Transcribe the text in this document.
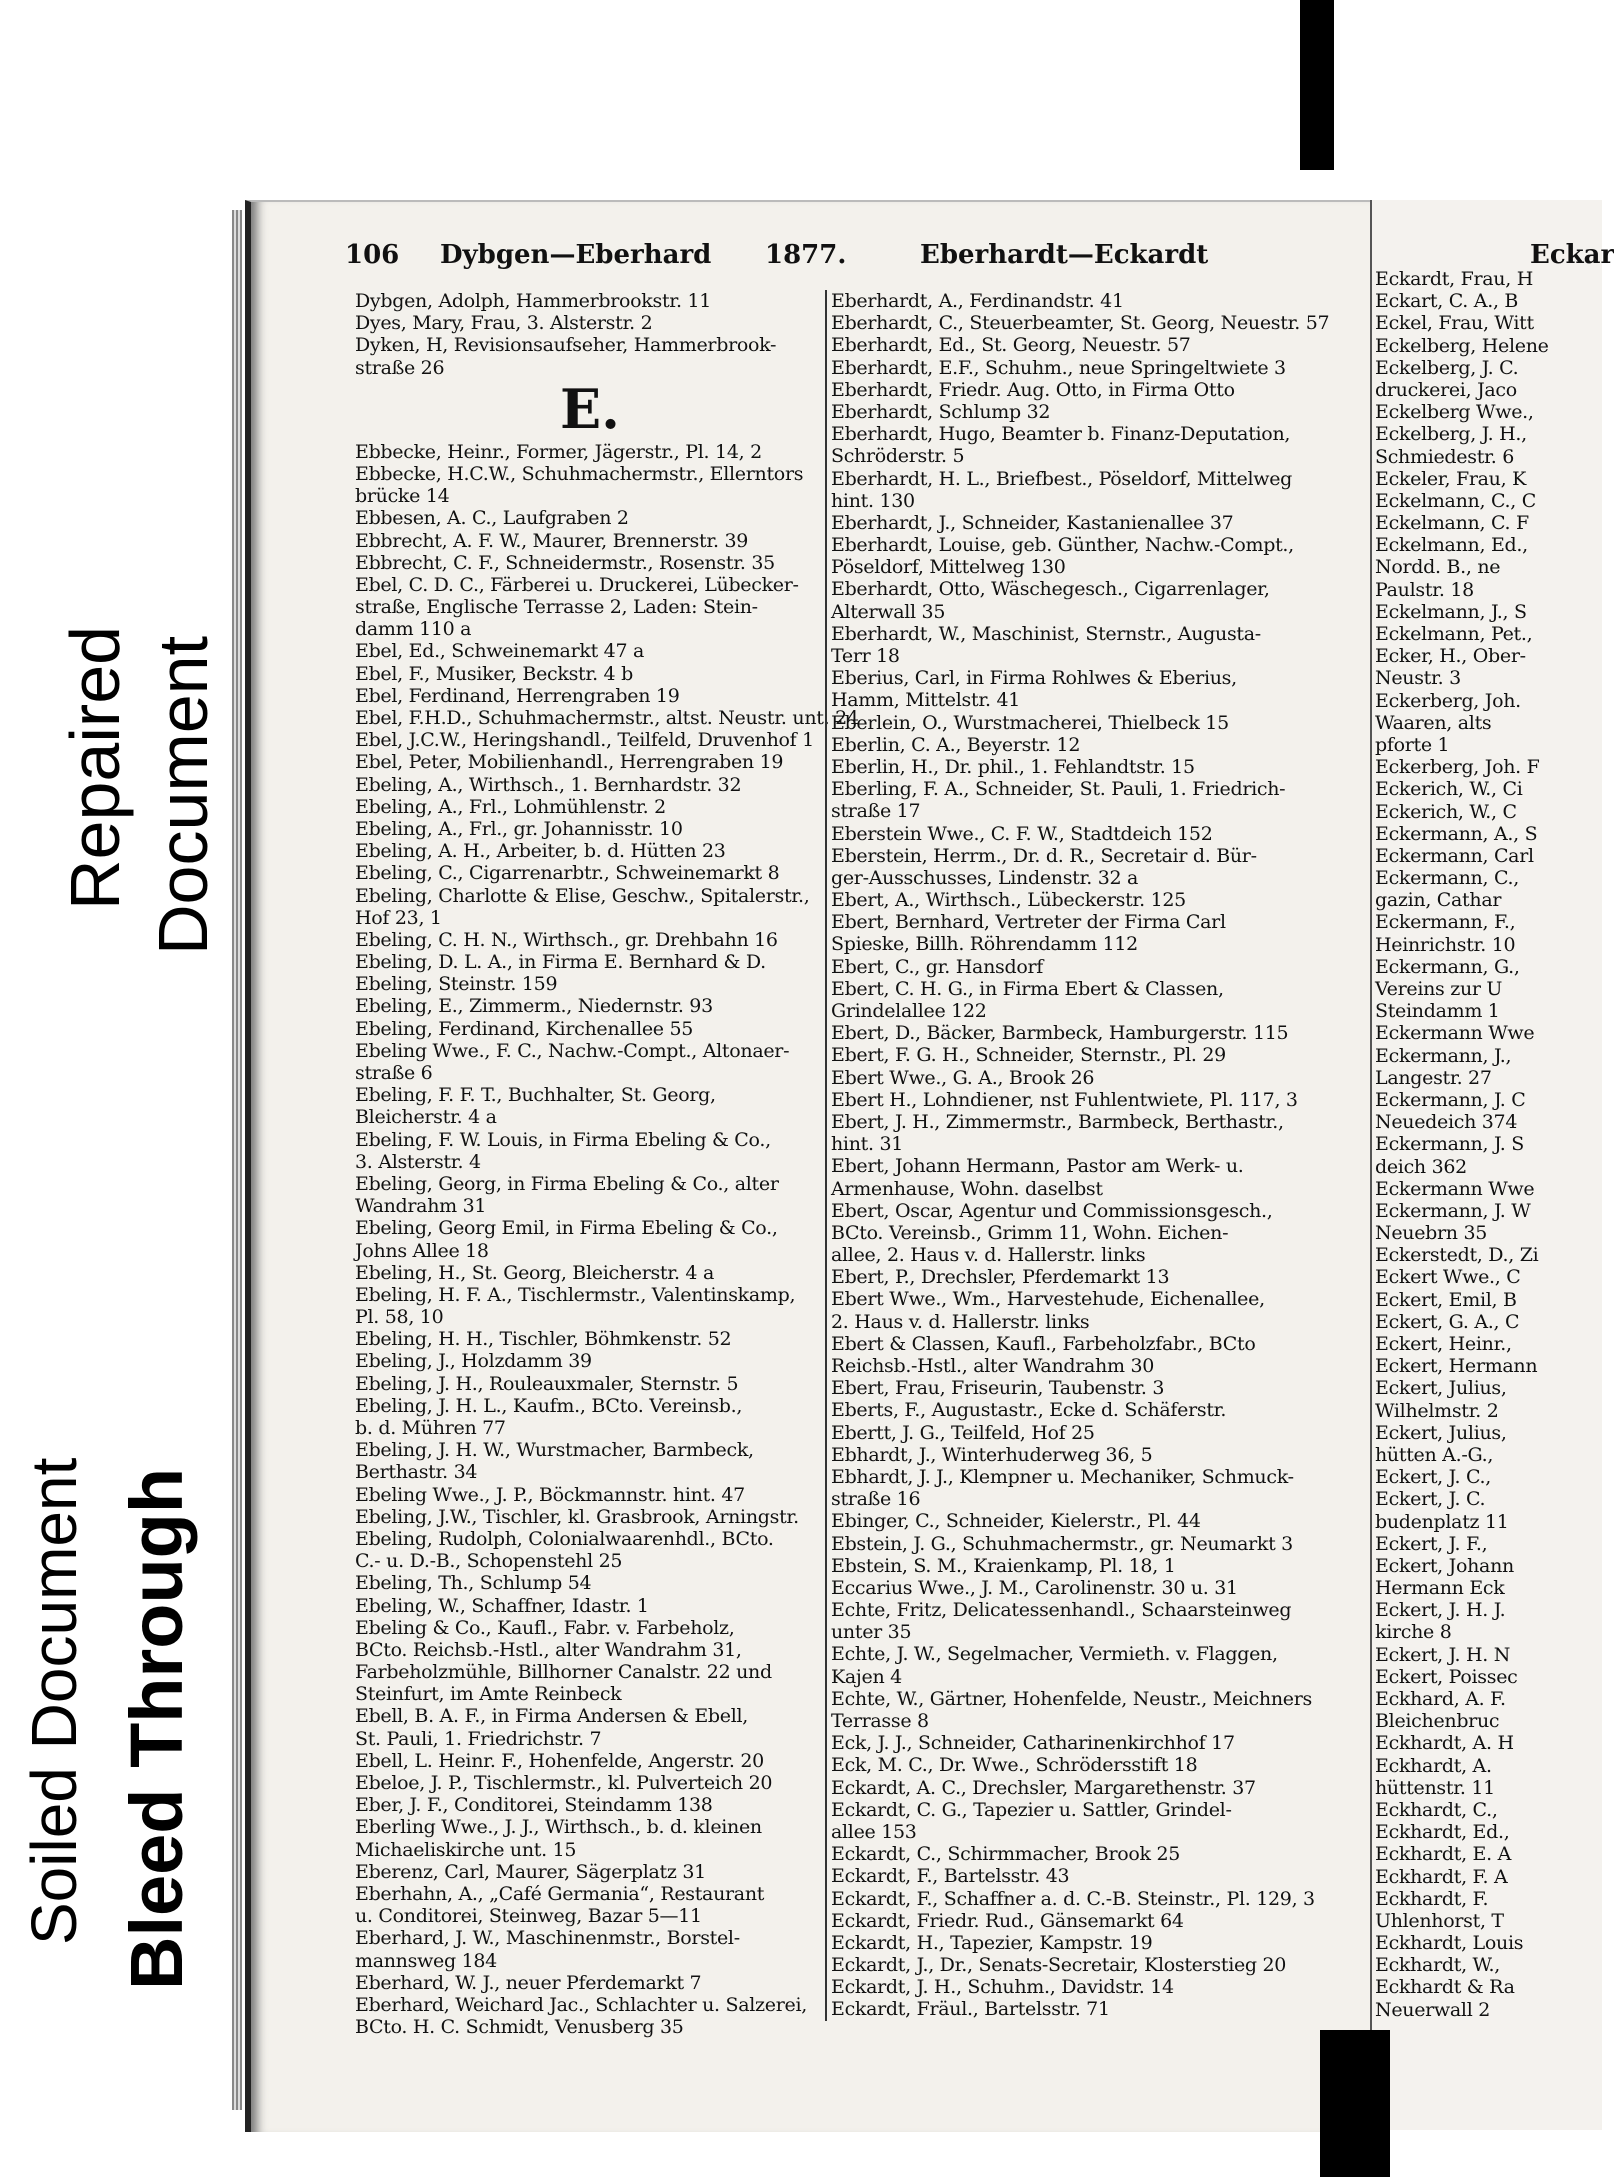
Repaired Document
Soiled Document Bleed Through
106 Dybgen—Eberhard 1877.	Eberhardt—Eckardt	Eckar
Dybgen, Adolph, Hammerbrookstr. 11
Dyes, Mary, Frau, 3. Alsterstr. 2
Dyken, H, Revisionsaufseher, Hammerbrook-
straße 26
E.
Ebbecke, Heinr., Former, Jägerstr., Pl. 14, 2
Ebbecke, H.C.W., Schuhmachermstr., Ellerntors
brücke 14
Ebbesen, A. C., Laufgraben 2
Ebbrecht, A. F. W., Maurer, Brennerstr. 39
Ebbrecht, C. F., Schneidermstr., Rosenstr. 35
Ebel, C. D. C., Färberei u. Druckerei, Lübecker-
straße, Englische Terrasse 2, Laden: Stein-
damm 110 a
Ebel, Ed., Schweinemarkt 47 a
Ebel, F., Musiker, Beckstr. 4 b
Ebel, Ferdinand, Herrengraben 19
Ebel, F.H.D., Schuhmachermstr., altst. Neustr. unt. 24
Ebel, J.C.W., Heringshandl., Teilfeld, Druvenhof 1
Ebel, Peter, Mobilienhandl., Herrengraben 19
Ebeling, A., Wirthsch., 1. Bernhardstr. 32
Ebeling, A., Frl., Lohmühlenstr. 2
Ebeling, A., Frl., gr. Johannisstr. 10
Ebeling, A. H., Arbeiter, b. d. Hütten 23
Ebeling, C., Cigarrenarbtr., Schweinemarkt 8
Ebeling, Charlotte & Elise, Geschw., Spitalerstr.,
Hof 23, 1
Ebeling, C. H. N., Wirthsch., gr. Drehbahn 16
Ebeling, D. L. A., in Firma E. Bernhard & D.
Ebeling, Steinstr. 159
Ebeling, E., Zimmerm., Niedernstr. 93
Ebeling, Ferdinand, Kirchenallee 55
Ebeling Wwe., F. C., Nachw.-Compt., Altonaer-
straße 6
Ebeling, F. F. T., Buchhalter, St. Georg,
Bleicherstr. 4 a
Ebeling, F. W. Louis, in Firma Ebeling & Co.,
3. Alsterstr. 4
Ebeling, Georg, in Firma Ebeling & Co., alter
Wandrahm 31
Ebeling, Georg Emil, in Firma Ebeling & Co.,
Johns Allee 18
Ebeling, H., St. Georg, Bleicherstr. 4 a
Ebeling, H. F. A., Tischlermstr., Valentinskamp,
Pl. 58, 10
Ebeling, H. H., Tischler, Böhmkenstr. 52
Ebeling, J., Holzdamm 39
Ebeling, J. H., Rouleauxmaler, Sternstr. 5
Ebeling, J. H. L., Kaufm., BCto. Vereinsb.,
b. d. Mühren 77
Ebeling, J. H. W., Wurstmacher, Barmbeck,
Berthastr. 34
Ebeling Wwe., J. P., Böckmannstr. hint. 47
Ebeling, J.W., Tischler, kl. Grasbrook, Arningstr.
Ebeling, Rudolph, Colonialwaarenhdl., BCto.
C.- u. D.-B., Schopenstehl 25
Ebeling, Th., Schlump 54
Ebeling, W., Schaffner, Idastr. 1
Ebeling & Co., Kaufl., Fabr. v. Farbeholz,
BCto. Reichsb.-Hstl., alter Wandrahm 31,
Farbeholzmühle, Billhorner Canalstr. 22 und
Steinfurt, im Amte Reinbeck
Ebell, B. A. F., in Firma Andersen & Ebell,
St. Pauli, 1. Friedrichstr. 7
Ebell, L. Heinr. F., Hohenfelde, Angerstr. 20
Ebeloe, J. P., Tischlermstr., kl. Pulverteich 20
Eber, J. F., Conditorei, Steindamm 138
Eberling Wwe., J. J., Wirthsch., b. d. kleinen
Michaeliskirche unt. 15
Eberenz, Carl, Maurer, Sägerplatz 31
Eberhahn, A., „Café Germania“, Restaurant
u. Conditorei, Steinweg, Bazar 5—11
Eberhard, J. W., Maschinenmstr., Borstel-
mannsweg 184
Eberhard, W. J., neuer Pferdemarkt 7
Eberhard, Weichard Jac., Schlachter u. Salzerei,
BCto. H. C. Schmidt, Venusberg 35
Eberhardt, A., Ferdinandstr. 41
Eberhardt, C., Steuerbeamter, St. Georg, Neuestr. 57
Eberhardt, Ed., St. Georg, Neuestr. 57
Eberhardt, E.F., Schuhm., neue Springeltwiete 3
Eberhardt, Friedr. Aug. Otto, in Firma Otto
Eberhardt, Schlump 32
Eberhardt, Hugo, Beamter b. Finanz-Deputation,
Schröderstr. 5
Eberhardt, H. L., Briefbest., Pöseldorf, Mittelweg
hint. 130
Eberhardt, J., Schneider, Kastanienallee 37
Eberhardt, Louise, geb. Günther, Nachw.-Compt.,
Pöseldorf, Mittelweg 130
Eberhardt, Otto, Wäschegesch., Cigarrenlager,
Alterwall 35
Eberhardt, W., Maschinist, Sternstr., Augusta-
Terr 18
Eberius, Carl, in Firma Rohlwes & Eberius,
Hamm, Mittelstr. 41
Eberlein, O., Wurstmacherei, Thielbeck 15
Eberlin, C. A., Beyerstr. 12
Eberlin, H., Dr. phil., 1. Fehlandtstr. 15
Eberling, F. A., Schneider, St. Pauli, 1. Friedrich-
straße 17
Eberstein Wwe., C. F. W., Stadtdeich 152
Eberstein, Herrm., Dr. d. R., Secretair d. Bür-
ger-Ausschusses, Lindenstr. 32 a
Ebert, A., Wirthsch., Lübeckerstr. 125
Ebert, Bernhard, Vertreter der Firma Carl
Spieske, Billh. Röhrendamm 112
Ebert, C., gr. Hansdorf
Ebert, C. H. G., in Firma Ebert & Classen,
Grindelallee 122
Ebert, D., Bäcker, Barmbeck, Hamburgerstr. 115
Ebert, F. G. H., Schneider, Sternstr., Pl. 29
Ebert Wwe., G. A., Brook 26
Ebert H., Lohndiener, nst Fuhlentwiete, Pl. 117, 3
Ebert, J. H., Zimmermstr., Barmbeck, Berthastr.,
hint. 31
Ebert, Johann Hermann, Pastor am Werk- u.
Armenhause, Wohn. daselbst
Ebert, Oscar, Agentur und Commissionsgesch.,
BCto. Vereinsb., Grimm 11, Wohn. Eichen-
allee, 2. Haus v. d. Hallerstr. links
Ebert, P., Drechsler, Pferdemarkt 13
Ebert Wwe., Wm., Harvestehude, Eichenallee,
2. Haus v. d. Hallerstr. links
Ebert & Classen, Kaufl., Farbeholzfabr., BCto
Reichsb.-Hstl., alter Wandrahm 30
Ebert, Frau, Friseurin, Taubenstr. 3
Eberts, F., Augustastr., Ecke d. Schäferstr.
Ebertt, J. G., Teilfeld, Hof 25
Ebhardt, J., Winterhuderweg 36, 5
Ebhardt, J. J., Klempner u. Mechaniker, Schmuck-
straße 16
Ebinger, C., Schneider, Kielerstr., Pl. 44
Ebstein, J. G., Schuhmachermstr., gr. Neumarkt 3
Ebstein, S. M., Kraienkamp, Pl. 18, 1
Eccarius Wwe., J. M., Carolinenstr. 30 u. 31
Echte, Fritz, Delicatessenhandl., Schaarsteinweg
unter 35
Echte, J. W., Segelmacher, Vermieth. v. Flaggen,
Kajen 4
Echte, W., Gärtner, Hohenfelde, Neustr., Meichners
Terrasse 8
Eck, J. J., Schneider, Catharinenkirchhof 17
Eck, M. C., Dr. Wwe., Schrödersstift 18
Eckardt, A. C., Drechsler, Margarethenstr. 37
Eckardt, C. G., Tapezier u. Sattler, Grindel-
allee 153
Eckardt, C., Schirmmacher, Brook 25
Eckardt, F., Bartelsstr. 43
Eckardt, F., Schaffner a. d. C.-B. Steinstr., Pl. 129, 3
Eckardt, Friedr. Rud., Gänsemarkt 64
Eckardt, H., Tapezier, Kampstr. 19
Eckardt, J., Dr., Senats-Secretair, Klosterstieg 20
Eckardt, J. H., Schuhm., Davidstr. 14
Eckardt, Fräul., Bartelsstr. 71
Eckardt, Frau, H
Eckart, C. A., B
Eckel, Frau, Witt
Eckelberg, Helene
Eckelberg, J. C.
druckerei, Jaco
Eckelberg Wwe.,
Eckelberg, J. H.,
Schmiedestr. 6
Eckeler, Frau, K
Eckelmann, C., C
Eckelmann, C. F
Eckelmann, Ed.,
Nordd. B., ne
Paulstr. 18
Eckelmann, J., S
Eckelmann, Pet.,
Ecker, H., Ober-
Neustr. 3
Eckerberg, Joh.
Waaren, alts
pforte 1
Eckerberg, Joh. F
Eckerich, W., Ci
Eckerich, W., C
Eckermann, A., S
Eckermann, Carl
Eckermann, C.,
gazin, Cathar
Eckermann, F.,
Heinrichstr. 10
Eckermann, G.,
Vereins zur U
Steindamm 1
Eckermann Wwe
Eckermann, J.,
Langestr. 27
Eckermann, J. C
Neuedeich 374
Eckermann, J. S
deich 362
Eckermann Wwe
Eckermann, J. W
Neuebrn 35
Eckerstedt, D., Zi
Eckert Wwe., C
Eckert, Emil, B
Eckert, G. A., C
Eckert, Heinr.,
Eckert, Hermann
Eckert, Julius,
Wilhelmstr. 2
Eckert, Julius,
hütten A.-G.,
Eckert, J. C.,
Eckert, J. C.
budenplatz 11
Eckert, J. F.,
Eckert, Johann
Hermann Eck
Eckert, J. H. J.
kirche 8
Eckert, J. H. N
Eckert, Poissec
Eckhard, A. F.
Bleichenbruc
Eckhardt, A. H
Eckhardt, A.
hüttenstr. 11
Eckhardt, C.,
Eckhardt, Ed.,
Eckhardt, E. A
Eckhardt, F. A
Eckhardt, F.
Uhlenhorst, T
Eckhardt, Louis
Eckhardt, W.,
Eckhardt & Ra
Neuerwall 2
